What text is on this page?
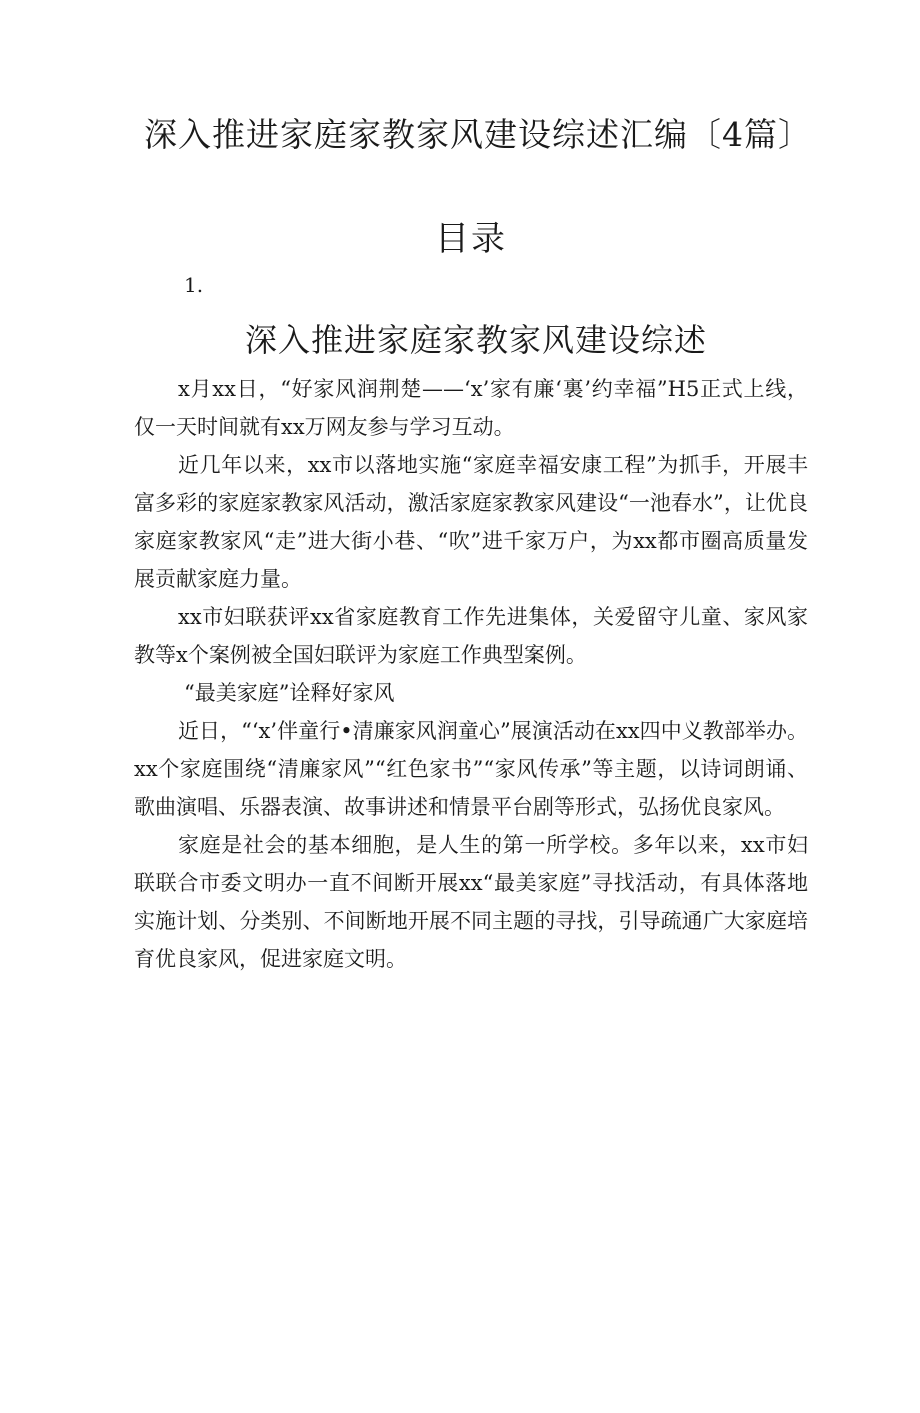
深入推进家庭家教家风建设综述汇编〔4篇〕
目录
1.
深入推进家庭家教家风建设综述

x月xx日，“好家风润荆楚——‘x’家有廉‘裏’约幸福”H5正式上线，仅一天时间就有xx万网友参与学习互动。

近几年以来，xx市以落地实施“家庭幸福安康工程”为抓手，开展丰富多彩的家庭家教家风活动，激活家庭家教家风建设“一池春水”，让优良家庭家教家风“走”进大街小巷、“吹”进千家万户，为xx都市圈高质量发展贡献家庭力量。

xx市妇联获评xx省家庭教育工作先进集体，关爱留守儿童、家风家教等x个案例被全国妇联评为家庭工作典型案例。

“最美家庭”诠释好家风

近日，“‘x’伴童行•清廉家风润童心”展演活动在xx四中义教部举办。xx个家庭围绕“清廉家风”“红色家书”“家风传承”等主题，以诗词朗诵、歌曲演唱、乐器表演、故事讲述和情景平台剧等形式，弘扬优良家风。

家庭是社会的基本细胞，是人生的第一所学校。多年以来，xx市妇联联合市委文明办一直不间断开展xx“最美家庭”寻找活动，有具体落地实施计划、分类别、不间断地开展不同主题的寻找，引导疏通广大家庭培育优良家风，促进家庭文明。
